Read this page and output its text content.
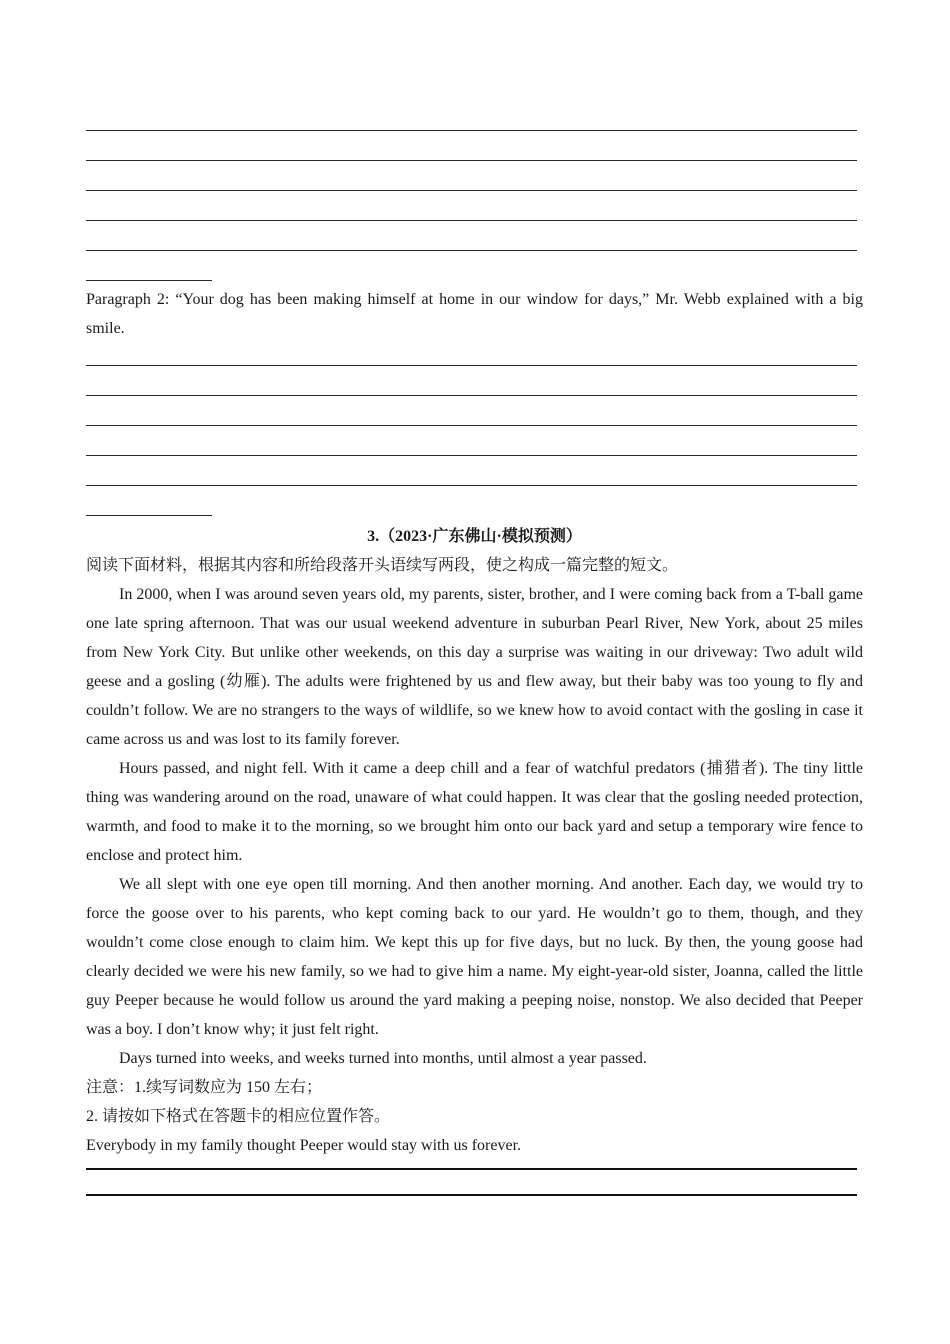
Paragraph 2: “Your dog has been making himself at home in our window for days,” Mr. Webb explained with a big smile.

3.（2023·广东佛山·模拟预测）

阅读下面材料，根据其内容和所给段落开头语续写两段，使之构成一篇完整的短文。

In 2000, when I was around seven years old, my parents, sister, brother, and I were coming back from a T-ball game one late spring afternoon. That was our usual weekend adventure in suburban Pearl River, New York, about 25 miles from New York City. But unlike other weekends, on this day a surprise was waiting in our driveway: Two adult wild geese and a gosling (幼雁). The adults were frightened by us and flew away, but their baby was too young to fly and couldn’t follow. We are no strangers to the ways of wildlife, so we knew how to avoid contact with the gosling in case it came across us and was lost to its family forever.

Hours passed, and night fell. With it came a deep chill and a fear of watchful predators (捕猎者). The tiny little thing was wandering around on the road, unaware of what could happen. It was clear that the gosling needed protection, warmth, and food to make it to the morning, so we brought him onto our back yard and setup a temporary wire fence to enclose and protect him.

We all slept with one eye open till morning. And then another morning. And another. Each day, we would try to force the goose over to his parents, who kept coming back to our yard. He wouldn’t go to them, though, and they wouldn’t come close enough to claim him. We kept this up for five days, but no luck. By then, the young goose had clearly decided we were his new family, so we had to give him a name. My eight-year-old sister, Joanna, called the little guy Peeper because he would follow us around the yard making a peeping noise, nonstop. We also decided that Peeper was a boy. I don’t know why; it just felt right.

Days turned into weeks, and weeks turned into months, until almost a year passed.

注意：1.续写词数应为 150 左右；

2. 请按如下格式在答题卡的相应位置作答。

Everybody in my family thought Peeper would stay with us forever.
